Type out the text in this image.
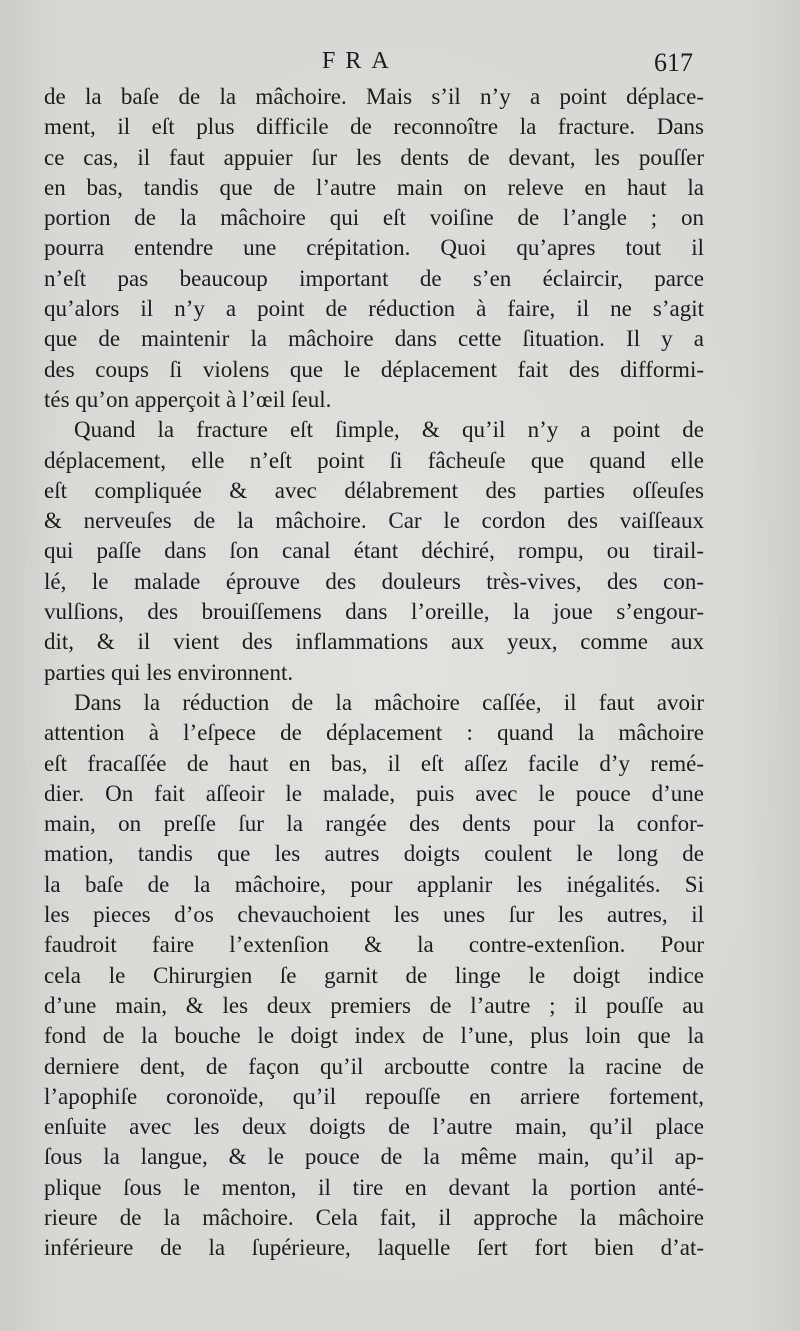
FRA	617
de la baſe de la mâchoire. Mais s’il n’y a point déplace-
ment, il eſt plus difficile de reconnoître la fracture. Dans
ce cas, il faut appuier ſur les dents de devant, les pouſſer
en bas, tandis que de l’autre main on releve en haut la
portion de la mâchoire qui eſt voiſine de l’angle ; on
pourra entendre une crépitation. Quoi qu’apres tout il
n’eſt pas beaucoup important de s’en éclaircir, parce
qu’alors il n’y a point de réduction à faire, il ne s’agit
que de maintenir la mâchoire dans cette ſituation. Il y a
des coups ſi violens que le déplacement fait des difformi-
tés qu’on apperçoit à l’œil ſeul.
Quand la fracture eſt ſimple, & qu’il n’y a point de
déplacement, elle n’eſt point ſi fâcheuſe que quand elle
eſt compliquée & avec délabrement des parties oſſeuſes
& nerveuſes de la mâchoire. Car le cordon des vaiſſeaux
qui paſſe dans ſon canal étant déchiré, rompu, ou tirail-
lé, le malade éprouve des douleurs très-vives, des con-
vulſions, des brouiſſemens dans l’oreille, la joue s’engour-
dit, & il vient des inflammations aux yeux, comme aux
parties qui les environnent.
Dans la réduction de la mâchoire caſſée, il faut avoir
attention à l’eſpece de déplacement : quand la mâchoire
eſt fracaſſée de haut en bas, il eſt aſſez facile d’y remé-
dier. On fait aſſeoir le malade, puis avec le pouce d’une
main, on preſſe ſur la rangée des dents pour la confor-
mation, tandis que les autres doigts coulent le long de
la baſe de la mâchoire, pour applanir les inégalités. Si
les pieces d’os chevauchoient les unes ſur les autres, il
faudroit faire l’extenſion & la contre-extenſion. Pour
cela le Chirurgien ſe garnit de linge le doigt indice
d’une main, & les deux premiers de l’autre ; il pouſſe au
fond de la bouche le doigt index de l’une, plus loin que la
derniere dent, de façon qu’il arcboutte contre la racine de
l’apophiſe coronoïde, qu’il repouſſe en arriere fortement,
enſuite avec les deux doigts de l’autre main, qu’il place
ſous la langue, & le pouce de la même main, qu’il ap-
plique ſous le menton, il tire en devant la portion anté-
rieure de la mâchoire. Cela fait, il approche la mâchoire
inférieure de la ſupérieure, laquelle ſert fort bien d’at-
